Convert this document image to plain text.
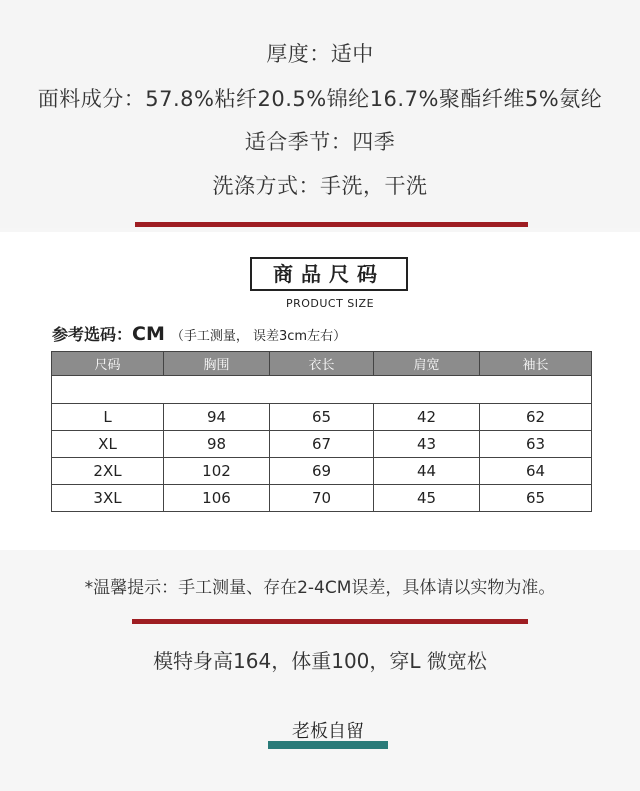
厚度：适中
面料成分：57.8%粘纤20.5%锦纶16.7%聚酯纤维5%氨纶
适合季节：四季
洗涤方式：手洗，干洗
商品尺码
PRODUCT SIZE
参考选码：CM （手工测量， 误差3cm左右）
尺码	胸围	衣长	肩宽	袖长

L	94	65	42	62
XL	98	67	43	63
2XL	102	69	44	64
3XL	106	70	45	65
*温馨提示：手工测量、存在2-4CM误差，具体请以实物为准。
模特身高164，体重100，穿L 微宽松
老板自留
